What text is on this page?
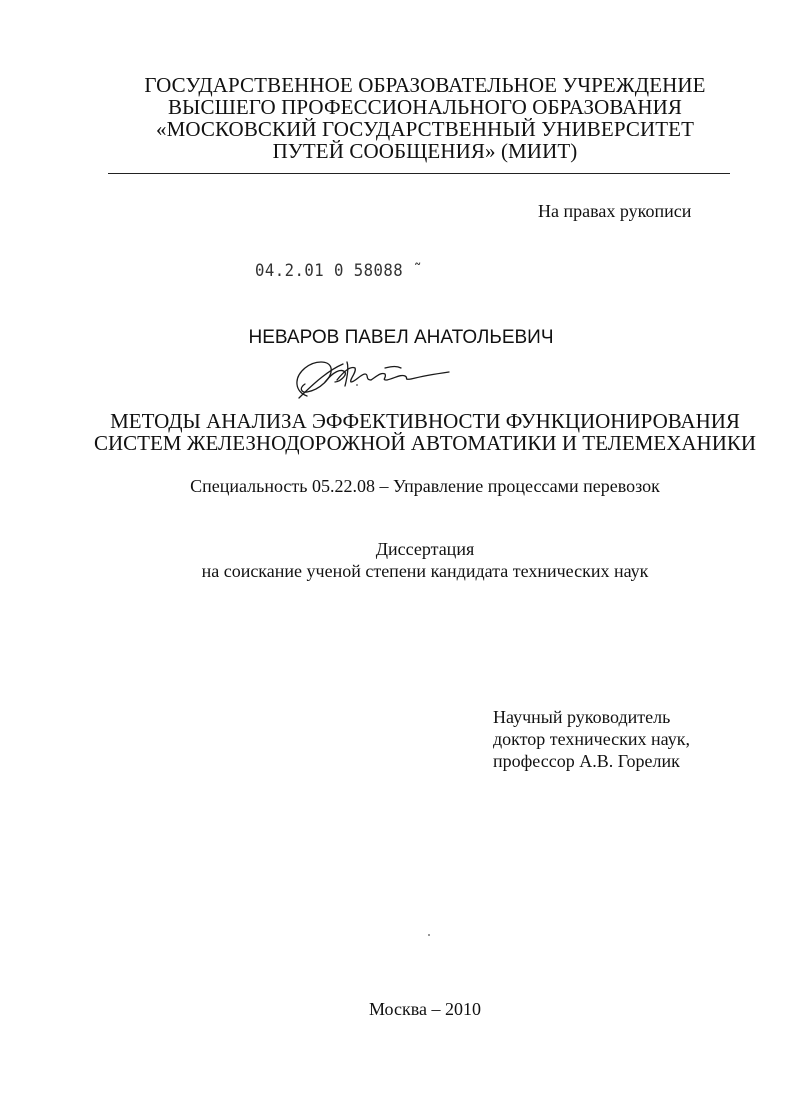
ГОСУДАРСТВЕННОЕ ОБРАЗОВАТЕЛЬНОЕ УЧРЕЖДЕНИЕ
ВЫСШЕГО ПРОФЕССИОНАЛЬНОГО ОБРАЗОВАНИЯ
«МОСКОВСКИЙ ГОСУДАРСТВЕННЫЙ УНИВЕРСИТЕТ
ПУТЕЙ СООБЩЕНИЯ» (МИИТ)
На правах рукописи
04.2.01 0 58088 ˜
НЕВАРОВ ПАВЕЛ АНАТОЛЬЕВИЧ
МЕТОДЫ АНАЛИЗА ЭФФЕКТИВНОСТИ ФУНКЦИОНИРОВАНИЯ
СИСТЕМ ЖЕЛЕЗНОДОРОЖНОЙ АВТОМАТИКИ И ТЕЛЕМЕХАНИКИ
Специальность 05.22.08 – Управление процессами перевозок
Диссертация
на соискание ученой степени кандидата технических наук
Научный руководитель
доктор технических наук,
профессор А.В. Горелик
Москва – 2010
